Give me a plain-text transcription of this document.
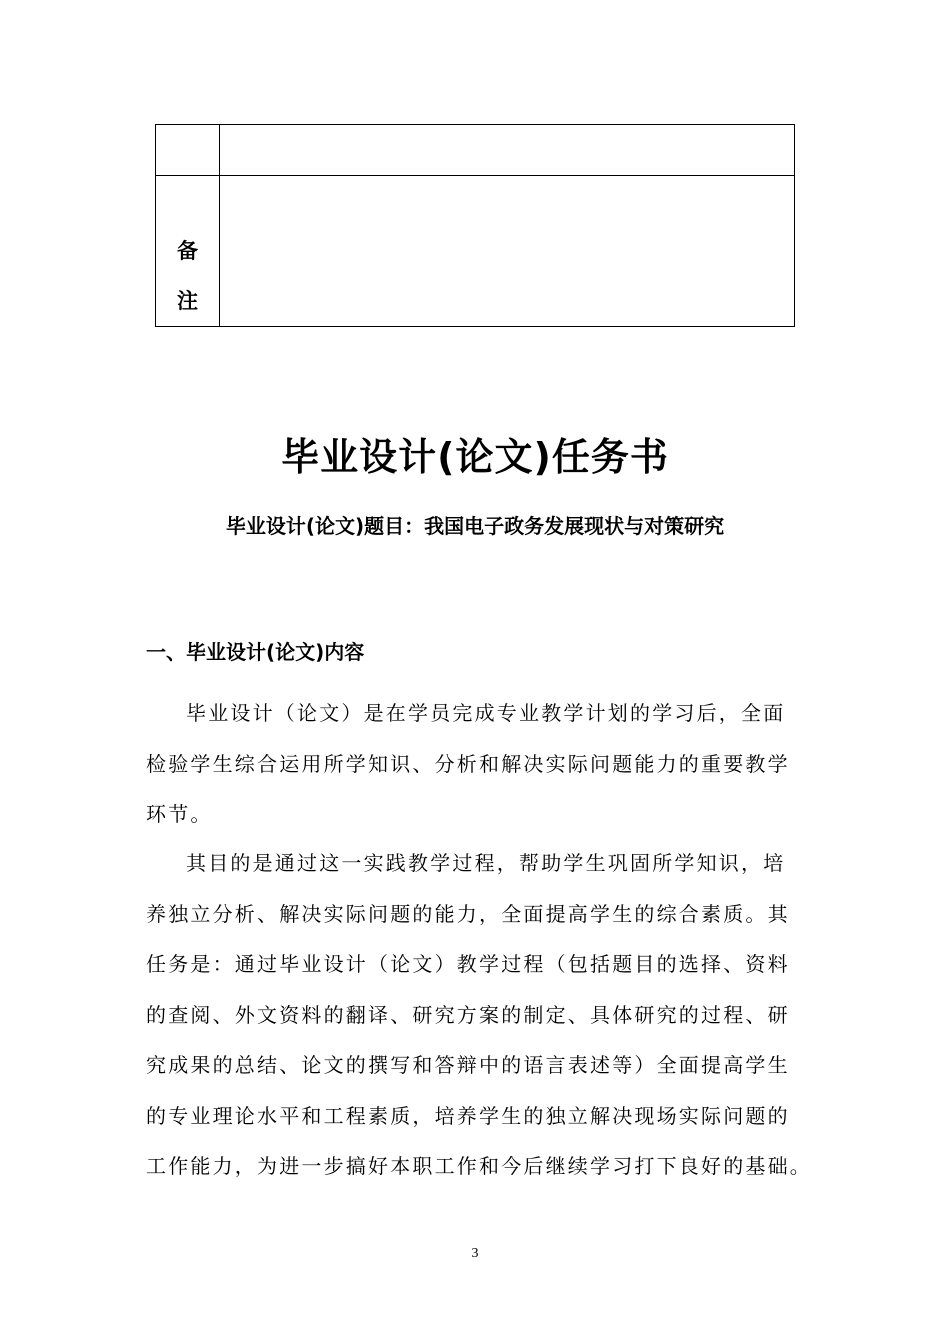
备
注	

毕业设计(论文)任务书
毕业设计(论文)题目：我国电子政务发展现状与对策研究
一、毕业设计(论文)内容
毕业设计（论文）是在学员完成专业教学计划的学习后，全面
检验学生综合运用所学知识、分析和解决实际问题能力的重要教学
环节。
其目的是通过这一实践教学过程，帮助学生巩固所学知识，培
养独立分析、解决实际问题的能力，全面提高学生的综合素质。其
任务是：通过毕业设计（论文）教学过程（包括题目的选择、资料
的查阅、外文资料的翻译、研究方案的制定、具体研究的过程、研
究成果的总结、论文的撰写和答辩中的语言表述等）全面提高学生
的专业理论水平和工程素质，培养学生的独立解决现场实际问题的
工作能力，为进一步搞好本职工作和今后继续学习打下良好的基础。
3
